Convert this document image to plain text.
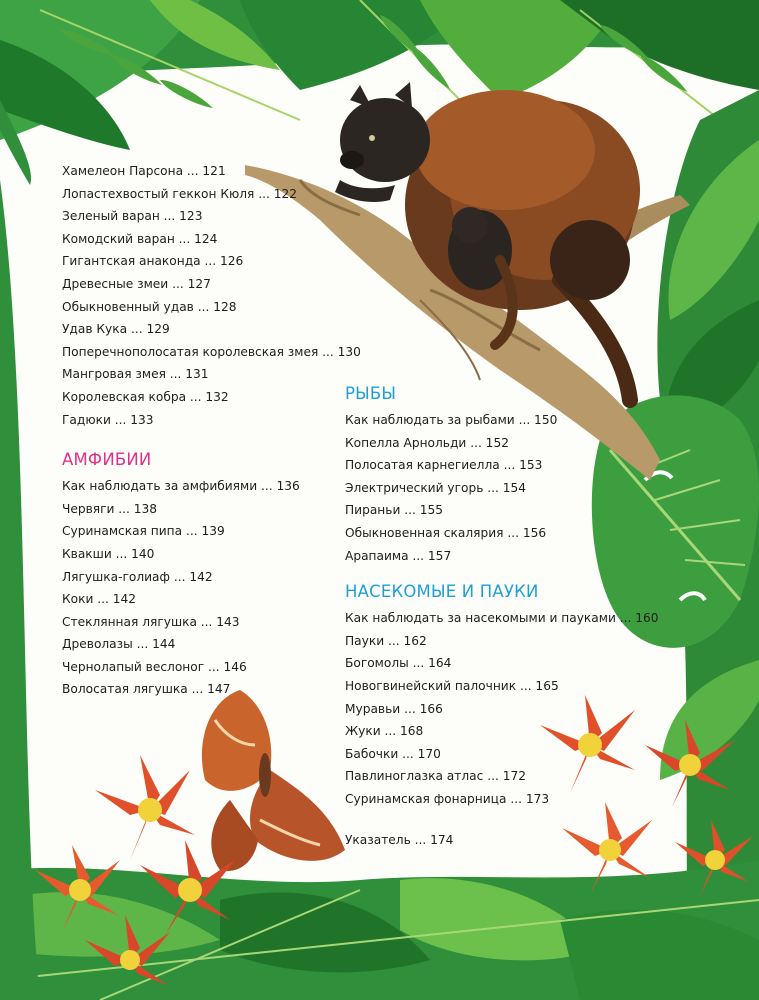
Хамелеон Парсона ... 121
Лопастехвостый геккон Кюля ... 122
Зеленый варан ... 123
Комодский варан ... 124
Гигантская анаконда ... 126
Древесные змеи ... 127
Обыкновенный удав ... 128
Удав Кука ... 129
Поперечнополосатая королевская змея ... 130
Мангровая змея ... 131
Королевская кобра ... 132
Гадюки ... 133
АМФИБИИ
Как наблюдать за амфибиями ... 136
Червяги ... 138
Суринамская пипа ... 139
Квакши ... 140
Лягушка-голиаф ... 142
Коки ... 142
Стеклянная лягушка ... 143
Древолазы ... 144
Чернолапый веслоног ... 146
Волосатая лягушка ... 147
РЫБЫ
Как наблюдать за рыбами ... 150
Копелла Арнольди ... 152
Полосатая карнегиелла ... 153
Электрический угорь ... 154
Пираньи ... 155
Обыкновенная скалярия ... 156
Арапаима ... 157
НАСЕКОМЫЕ И ПАУКИ
Как наблюдать за насекомыми и пауками ... 160
Пауки ... 162
Богомолы ... 164
Новогвинейский палочник ... 165
Муравьи ... 166
Жуки ... 168
Бабочки ... 170
Павлиноглазка атлас ... 172
Суринамская фонарница ... 173
Указатель ... 174
